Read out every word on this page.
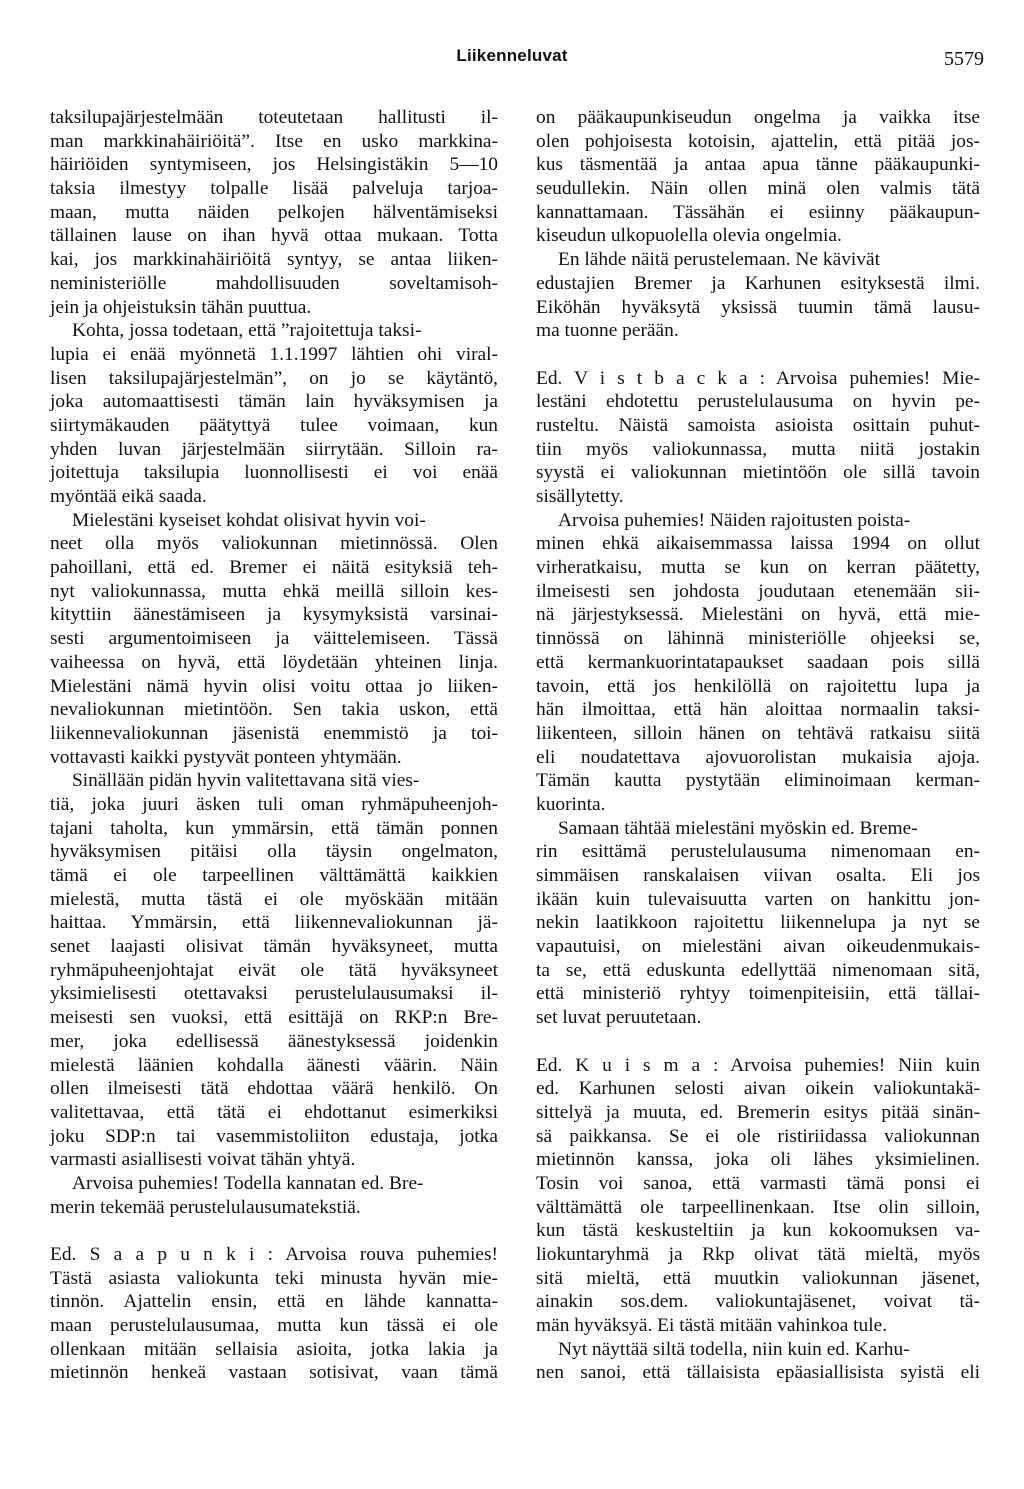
Liikenneluvat	5579
taksilupajärjestelmään toteutetaan hallitusti il-
man markkinahäiriöitä”. Itse en usko markkina-
häiriöiden syntymiseen, jos Helsingistäkin 5—10
taksia ilmestyy tolpalle lisää palveluja tarjoa-
maan, mutta näiden pelkojen hälventämiseksi
tällainen lause on ihan hyvä ottaa mukaan. Totta
kai, jos markkinahäiriöitä syntyy, se antaa liiken-
neministeriölle mahdollisuuden soveltamisoh-
jein ja ohjeistuksin tähän puuttua.
Kohta, jossa todetaan, että ”rajoitettuja taksi-
lupia ei enää myönnetä 1.1.1997 lähtien ohi viral-
lisen taksilupajärjestelmän”, on jo se käytäntö,
joka automaattisesti tämän lain hyväksymisen ja
siirtymäkauden päätyttyä tulee voimaan, kun
yhden luvan järjestelmään siirrytään. Silloin ra-
joitettuja taksilupia luonnollisesti ei voi enää
myöntää eikä saada.
Mielestäni kyseiset kohdat olisivat hyvin voi-
neet olla myös valiokunnan mietinnössä. Olen
pahoillani, että ed. Bremer ei näitä esityksiä teh-
nyt valiokunnassa, mutta ehkä meillä silloin kes-
kityttiin äänestämiseen ja kysymyksistä varsinai-
sesti argumentoimiseen ja väittelemiseen. Tässä
vaiheessa on hyvä, että löydetään yhteinen linja.
Mielestäni nämä hyvin olisi voitu ottaa jo liiken-
nevaliokunnan mietintöön. Sen takia uskon, että
liikennevaliokunnan jäsenistä enemmistö ja toi-
vottavasti kaikki pystyvät ponteen yhtymään.
Sinällään pidän hyvin valitettavana sitä vies-
tiä, joka juuri äsken tuli oman ryhmäpuheenjoh-
tajani taholta, kun ymmärsin, että tämän ponnen
hyväksymisen pitäisi olla täysin ongelmaton,
tämä ei ole tarpeellinen välttämättä kaikkien
mielestä, mutta tästä ei ole myöskään mitään
haittaa. Ymmärsin, että liikennevaliokunnan jä-
senet laajasti olisivat tämän hyväksyneet, mutta
ryhmäpuheenjohtajat eivät ole tätä hyväksyneet
yksimielisesti otettavaksi perustelulausumaksi il-
meisesti sen vuoksi, että esittäjä on RKP:n Bre-
mer, joka edellisessä äänestyksessä joidenkin
mielestä läänien kohdalla äänesti väärin. Näin
ollen ilmeisesti tätä ehdottaa väärä henkilö. On
valitettavaa, että tätä ei ehdottanut esimerkiksi
joku SDP:n tai vasemmistoliiton edustaja, jotka
varmasti asiallisesti voivat tähän yhtyä.
Arvoisa puhemies! Todella kannatan ed. Bre-
merin tekemää perustelulausumatekstiä.
Ed. S a a p u n k i : Arvoisa rouva puhemies!
Tästä asiasta valiokunta teki minusta hyvän mie-
tinnön. Ajattelin ensin, että en lähde kannatta-
maan perustelulausumaa, mutta kun tässä ei ole
ollenkaan mitään sellaisia asioita, jotka lakia ja
mietinnön henkeä vastaan sotisivat, vaan tämä
on pääkaupunkiseudun ongelma ja vaikka itse
olen pohjoisesta kotoisin, ajattelin, että pitää jos-
kus täsmentää ja antaa apua tänne pääkaupunki-
seudullekin. Näin ollen minä olen valmis tätä
kannattamaan. Tässähän ei esiinny pääkaupun-
kiseudun ulkopuolella olevia ongelmia.
En lähde näitä perustelemaan. Ne kävivät
edustajien Bremer ja Karhunen esityksestä ilmi.
Eiköhän hyväksytä yksissä tuumin tämä lausu-
ma tuonne perään.
Ed. V i s t b a c k a : Arvoisa puhemies! Mie-
lestäni ehdotettu perustelulausuma on hyvin pe-
rusteltu. Näistä samoista asioista osittain puhut-
tiin myös valiokunnassa, mutta niitä jostakin
syystä ei valiokunnan mietintöön ole sillä tavoin
sisällytetty.
Arvoisa puhemies! Näiden rajoitusten poista-
minen ehkä aikaisemmassa laissa 1994 on ollut
virheratkaisu, mutta se kun on kerran päätetty,
ilmeisesti sen johdosta joudutaan etenemään sii-
nä järjestyksessä. Mielestäni on hyvä, että mie-
tinnössä on lähinnä ministeriölle ohjeeksi se,
että kermankuorintatapaukset saadaan pois sillä
tavoin, että jos henkilöllä on rajoitettu lupa ja
hän ilmoittaa, että hän aloittaa normaalin taksi-
liikenteen, silloin hänen on tehtävä ratkaisu siitä
eli noudatettava ajovuorolistan mukaisia ajoja.
Tämän kautta pystytään eliminoimaan kerman-
kuorinta.
Samaan tähtää mielestäni myöskin ed. Breme-
rin esittämä perustelulausuma nimenomaan en-
simmäisen ranskalaisen viivan osalta. Eli jos
ikään kuin tulevaisuutta varten on hankittu jon-
nekin laatikkoon rajoitettu liikennelupa ja nyt se
vapautuisi, on mielestäni aivan oikeudenmukais-
ta se, että eduskunta edellyttää nimenomaan sitä,
että ministeriö ryhtyy toimenpiteisiin, että tällai-
set luvat peruutetaan.
Ed. K u i s m a : Arvoisa puhemies! Niin kuin
ed. Karhunen selosti aivan oikein valiokuntakä-
sittelyä ja muuta, ed. Bremerin esitys pitää sinän-
sä paikkansa. Se ei ole ristiriidassa valiokunnan
mietinnön kanssa, joka oli lähes yksimielinen.
Tosin voi sanoa, että varmasti tämä ponsi ei
välttämättä ole tarpeellinenkaan. Itse olin silloin,
kun tästä keskusteltiin ja kun kokoomuksen va-
liokuntaryhmä ja Rkp olivat tätä mieltä, myös
sitä mieltä, että muutkin valiokunnan jäsenet,
ainakin sos.dem. valiokuntajäsenet, voivat tä-
män hyväksyä. Ei tästä mitään vahinkoa tule.
Nyt näyttää siltä todella, niin kuin ed. Karhu-
nen sanoi, että tällaisista epäasiallisista syistä eli
